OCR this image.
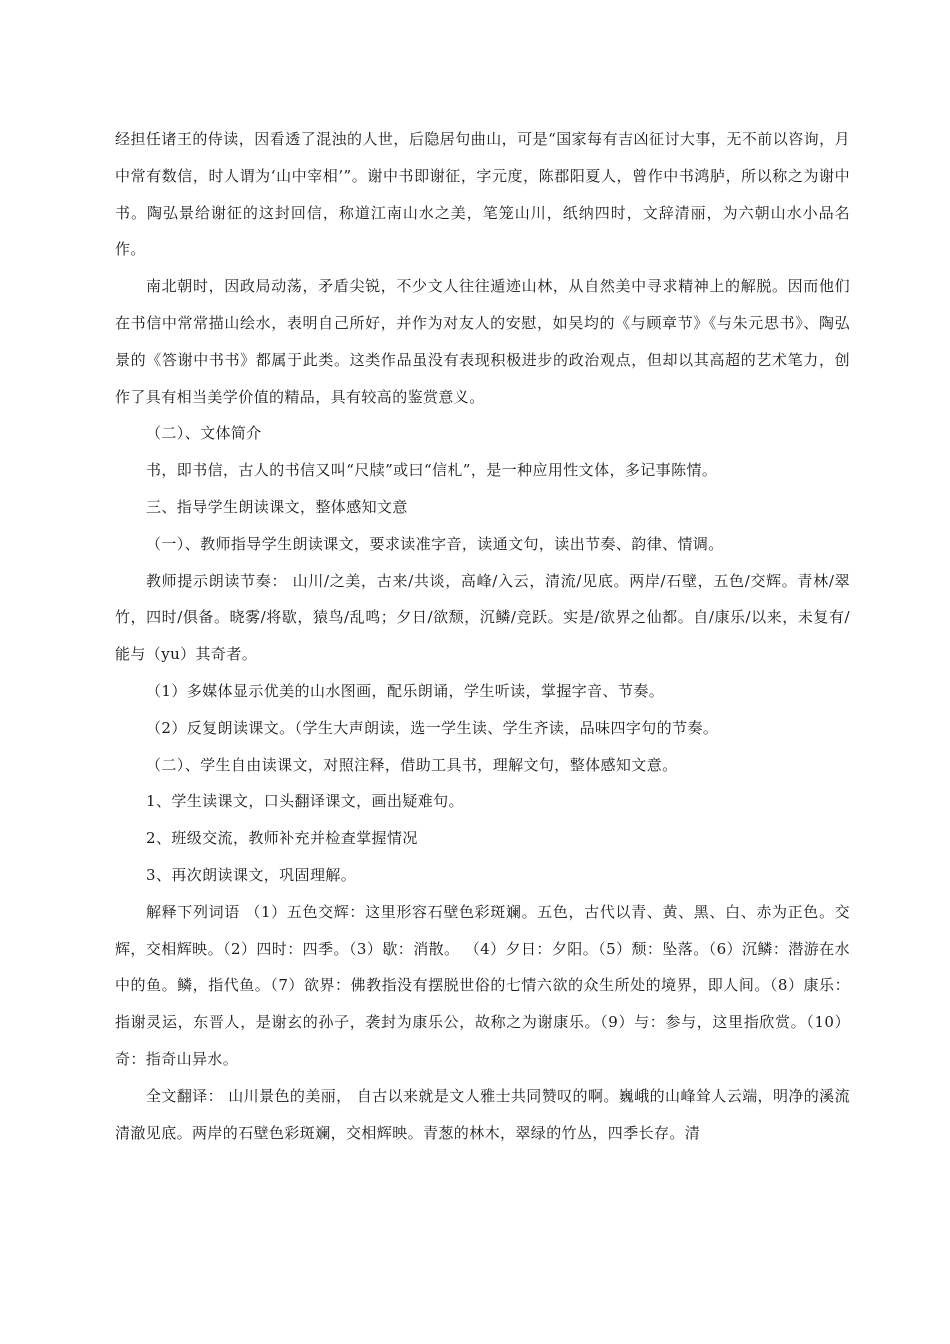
经担任诸王的侍读，因看透了混浊的人世，后隐居句曲山，可是“国家每有吉凶征讨大事，无不前以咨询，月中常有数信，时人谓为‘山中宰相’”。谢中书即谢征，字元度，陈郡阳夏人，曾作中书鸿胪，所以称之为谢中书。陶弘景给谢征的这封回信，称道江南山水之美，笔笼山川，纸纳四时，文辞清丽，为六朝山水小品名作。

南北朝时，因政局动荡，矛盾尖锐，不少文人往往遁迹山林，从自然美中寻求精神上的解脱。因而他们在书信中常常描山绘水，表明自己所好，并作为对友人的安慰，如吴均的《与顾章节》《与朱元思书》、陶弘景的《答谢中书书》都属于此类。这类作品虽没有表现积极进步的政治观点，但却以其高超的艺术笔力，创作了具有相当美学价值的精品，具有较高的鉴赏意义。

（二）、文体简介

书，即书信，古人的书信又叫“尺牍”或曰“信札”，是一种应用性文体，多记事陈情。

三、指导学生朗读课文，整体感知文意

（一）、教师指导学生朗读课文，要求读准字音，读通文句，读出节奏、韵律、情调。

教师提示朗读节奏： 山川/之美，古来/共谈，高峰/入云，清流/见底。两岸/石壁，五色/交辉。青林/翠竹，四时/俱备。晓雾/将歇，猿鸟/乱鸣；夕日/欲颓，沉鳞/竞跃。实是/欲界之仙都。自/康乐/以来，未复有/能与（yu）其奇者。

（1）多媒体显示优美的山水图画，配乐朗诵，学生听读，掌握字音、节奏。

（2）反复朗读课文。（学生大声朗读，选一学生读、学生齐读，品味四字句的节奏。

（二）、学生自由读课文，对照注释，借助工具书，理解文句，整体感知文意。

1、学生读课文，口头翻译课文，画出疑难句。

2、班级交流，教师补充并检查掌握情况

3、再次朗读课文，巩固理解。

解释下列词语 （1）五色交辉：这里形容石壁色彩斑斓。五色，古代以青、黄、黑、白、赤为正色。交辉，交相辉映。（2）四时：四季。（3）歇：消散。 （4）夕日：夕阳。（5）颓：坠落。（6）沉鳞：潜游在水中的鱼。鳞，指代鱼。（7）欲界：佛教指没有摆脱世俗的七情六欲的众生所处的境界，即人间。（8）康乐：指谢灵运，东晋人，是谢玄的孙子，袭封为康乐公，故称之为谢康乐。（9）与：参与，这里指欣赏。（10）奇：指奇山异水。

全文翻译： 山川景色的美丽， 自古以来就是文人雅士共同赞叹的啊。巍峨的山峰耸人云端，明净的溪流清澈见底。两岸的石壁色彩斑斓，交相辉映。青葱的林木，翠绿的竹丛，四季长存。清
